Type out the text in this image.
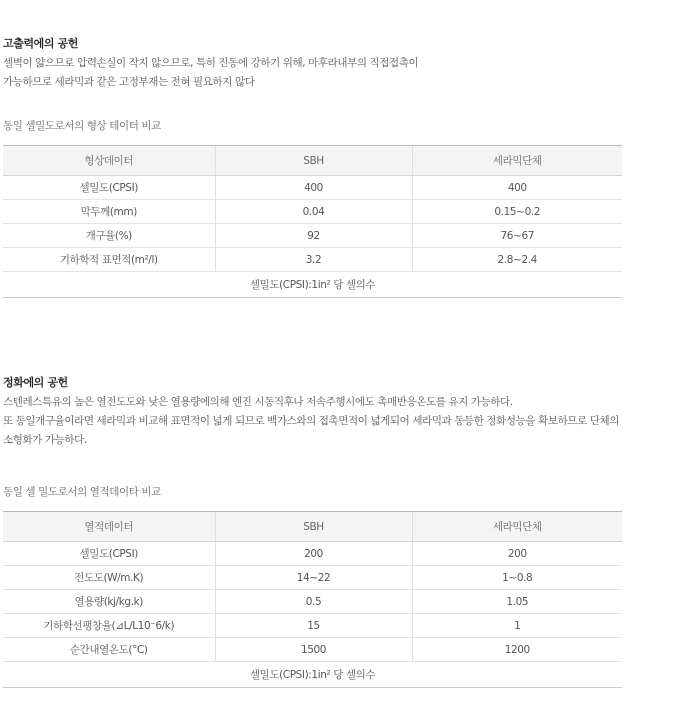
고출력에의 공헌

셀벽이 얇으므로 압력손실이 작지 않으므로, 특히 진동에 강하기 위해, 마후라내부의 직접접촉이

가능하므로 세라믹과 같은 고정부재는 전혀 필요하지 않다

동일 셀밀도로서의 형상 테이터 비교

형상데이터	SBH	세라믹단체
셀밀도(CPSI)	400	400
막두께(mm)	0.04	0.15~0.2
개구율(%)	92	76~67
기하학적 표면적(m²/l)	3.2	2.8~2.4
셀밀도(CPSI):1in² 당 셀의수		
정화에의 공헌

스텐레스특유의 높은 열전도도와 낮은 열용량에의해 엔진 시동직후나 저속주행시에도 촉매반응온도를 유지 가능하다.

또 동일개구율이라면 세라믹과 비교해 표면적이 넓게 되므로 백가스와의 접촉면적이 넓게되어 세라믹과 동등한 정화성능을 확보하므로 단체의

소형화가 가능하다.

동일 셀 밀도로서의 열적데이타 비교

열적데이터	SBH	세라믹단체
셀밀도(CPSI)	200	200
전도도(W/m.K)	14~22	1~0.8
열용량(kj/kg.k)	0.5	1.05
기하학선팽창율(⊿L/L10⁻6/k)	15	1
순간내열온도(°C)	1500	1200
셀밀도(CPSI):1in² 당 셀의수		
